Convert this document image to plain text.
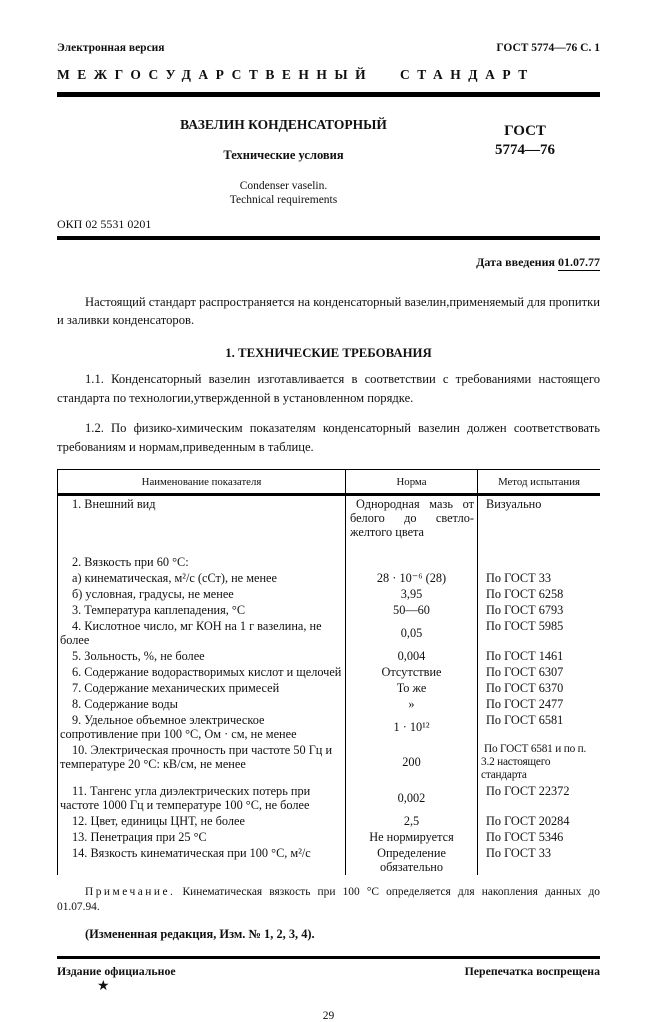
Электронная версия	ГОСТ 5774—76 С. 1
МЕЖГОСУДАРСТВЕННЫЙ СТАНДАРТ
ВАЗЕЛИН КОНДЕНСАТОРНЫЙ
Технические условия
Condenser vaselin.
Technical requirements
ГОСТ
5774—76
ОКП 02 5531 0201
Дата введения 01.07.77

Настоящий стандарт распространяется на конденсаторный вазелин,применяемый для пропитки и заливки конденсаторов.

1. ТЕХНИЧЕСКИЕ ТРЕБОВАНИЯ

1.1. Конденсаторный вазелин изготавливается в соответствии с требованиями настоящего стандарта по технологии,утвержденной в установленном порядке.

1.2. По физико-химическим показателям конденсаторный вазелин должен соответствовать требованиям и нормам,приведенным в таблице.

Наименование показателя	Норма	Метод испытания
1. Внешний вид	Однородная мазь от белого до светло-желтого цвета	Визуально
2. Вязкость при 60 °С:		
а) кинематическая, м²/с (сСт), не менее	28 · 10⁻⁶ (28)	По ГОСТ 33
б) условная, градусы, не менее	3,95	По ГОСТ 6258
3. Температура каплепадения, °С	50—60	По ГОСТ 6793
4. Кислотное число, мг КОН на 1 г вазелина, не более	0,05	По ГОСТ 5985
5. Зольность, %, не более	0,004	По ГОСТ 1461
6. Содержание водорастворимых кислот и щелочей	Отсутствие	По ГОСТ 6307
7. Содержание механических примесей	То же	По ГОСТ 6370
8. Содержание воды	»	По ГОСТ 2477
9. Удельное объемное электрическое сопротивление при 100 °С, Ом · см, не менее	1 · 10¹²	По ГОСТ 6581
10. Электрическая прочность при частоте 50 Гц и температуре 20 °С: кВ/см, не менее	200	По ГОСТ 6581 и по п. 3.2 настоящего стандарта
11. Тангенс угла диэлектрических потерь при частоте 1000 Гц и температуре 100 °С, не более	0,002	По ГОСТ 22372
12. Цвет, единицы ЦНТ, не более	2,5	По ГОСТ 20284
13. Пенетрация при 25 °С	Не нормируется	По ГОСТ 5346
14. Вязкость кинематическая при 100 °С, м²/с	Определение обязательно	По ГОСТ 33

Примечание. Кинематическая вязкость при 100 °С определяется для накопления данных до 01.07.94.

(Измененная редакция, Изм. № 1, 2, 3, 4).

Издание официальное	Перепечатка воспрещена
★
29
